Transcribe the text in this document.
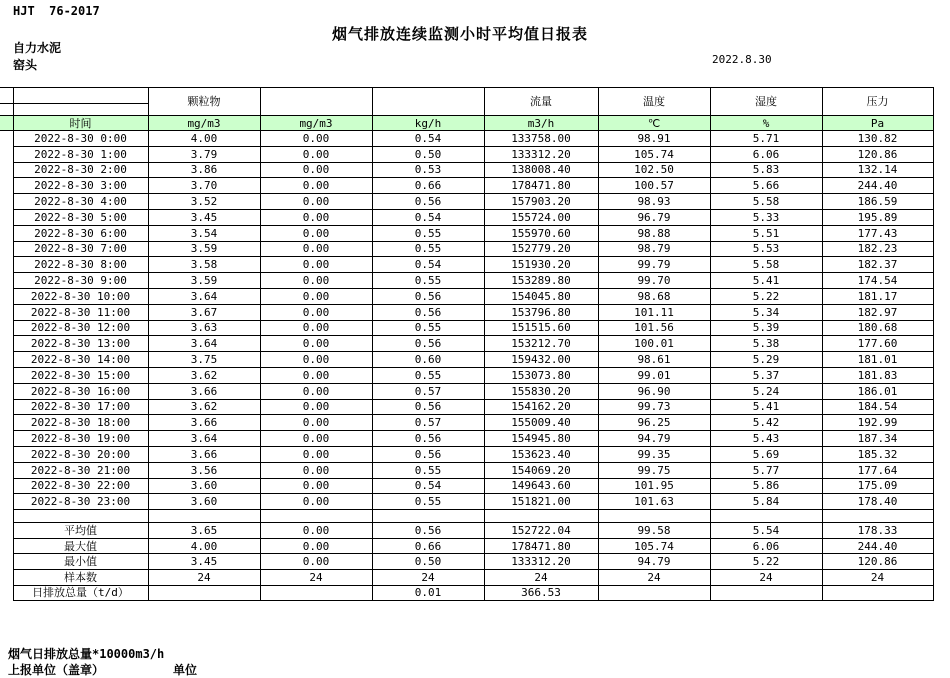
HJT  76-2017
烟气排放连续监测小时平均值日报表
自力水泥
窑头	2022.8.30
		颗粒物			流量	温度	湿度	压力

	时间	mg/m3	mg/m3	kg/h	m3/h	℃	%	Pa
	2022-8-30 0:00	4.00	0.00	0.54	133758.00	98.91	5.71	130.82
	2022-8-30 1:00	3.79	0.00	0.50	133312.20	105.74	6.06	120.86
	2022-8-30 2:00	3.86	0.00	0.53	138008.40	102.50	5.83	132.14
	2022-8-30 3:00	3.70	0.00	0.66	178471.80	100.57	5.66	244.40
	2022-8-30 4:00	3.52	0.00	0.56	157903.20	98.93	5.58	186.59
	2022-8-30 5:00	3.45	0.00	0.54	155724.00	96.79	5.33	195.89
	2022-8-30 6:00	3.54	0.00	0.55	155970.60	98.88	5.51	177.43
	2022-8-30 7:00	3.59	0.00	0.55	152779.20	98.79	5.53	182.23
	2022-8-30 8:00	3.58	0.00	0.54	151930.20	99.79	5.58	182.37
	2022-8-30 9:00	3.59	0.00	0.55	153289.80	99.70	5.41	174.54
	2022-8-30 10:00	3.64	0.00	0.56	154045.80	98.68	5.22	181.17
	2022-8-30 11:00	3.67	0.00	0.56	153796.80	101.11	5.34	182.97
	2022-8-30 12:00	3.63	0.00	0.55	151515.60	101.56	5.39	180.68
	2022-8-30 13:00	3.64	0.00	0.56	153212.70	100.01	5.38	177.60
	2022-8-30 14:00	3.75	0.00	0.60	159432.00	98.61	5.29	181.01
	2022-8-30 15:00	3.62	0.00	0.55	153073.80	99.01	5.37	181.83
	2022-8-30 16:00	3.66	0.00	0.57	155830.20	96.90	5.24	186.01
	2022-8-30 17:00	3.62	0.00	0.56	154162.20	99.73	5.41	184.54
	2022-8-30 18:00	3.66	0.00	0.57	155009.40	96.25	5.42	192.99
	2022-8-30 19:00	3.64	0.00	0.56	154945.80	94.79	5.43	187.34
	2022-8-30 20:00	3.66	0.00	0.56	153623.40	99.35	5.69	185.32
	2022-8-30 21:00	3.56	0.00	0.55	154069.20	99.75	5.77	177.64
	2022-8-30 22:00	3.60	0.00	0.54	149643.60	101.95	5.86	175.09
	2022-8-30 23:00	3.60	0.00	0.55	151821.00	101.63	5.84	178.40

	平均值	3.65	0.00	0.56	152722.04	99.58	5.54	178.33
	最大值	4.00	0.00	0.66	178471.80	105.74	6.06	244.40
	最小值	3.45	0.00	0.50	133312.20	94.79	5.22	120.86
	样本数	24	24	24	24	24	24	24
	日排放总量（t/d）			0.01	366.53			
烟气日排放总量*10000m3/h
上报单位（盖章）	单位
